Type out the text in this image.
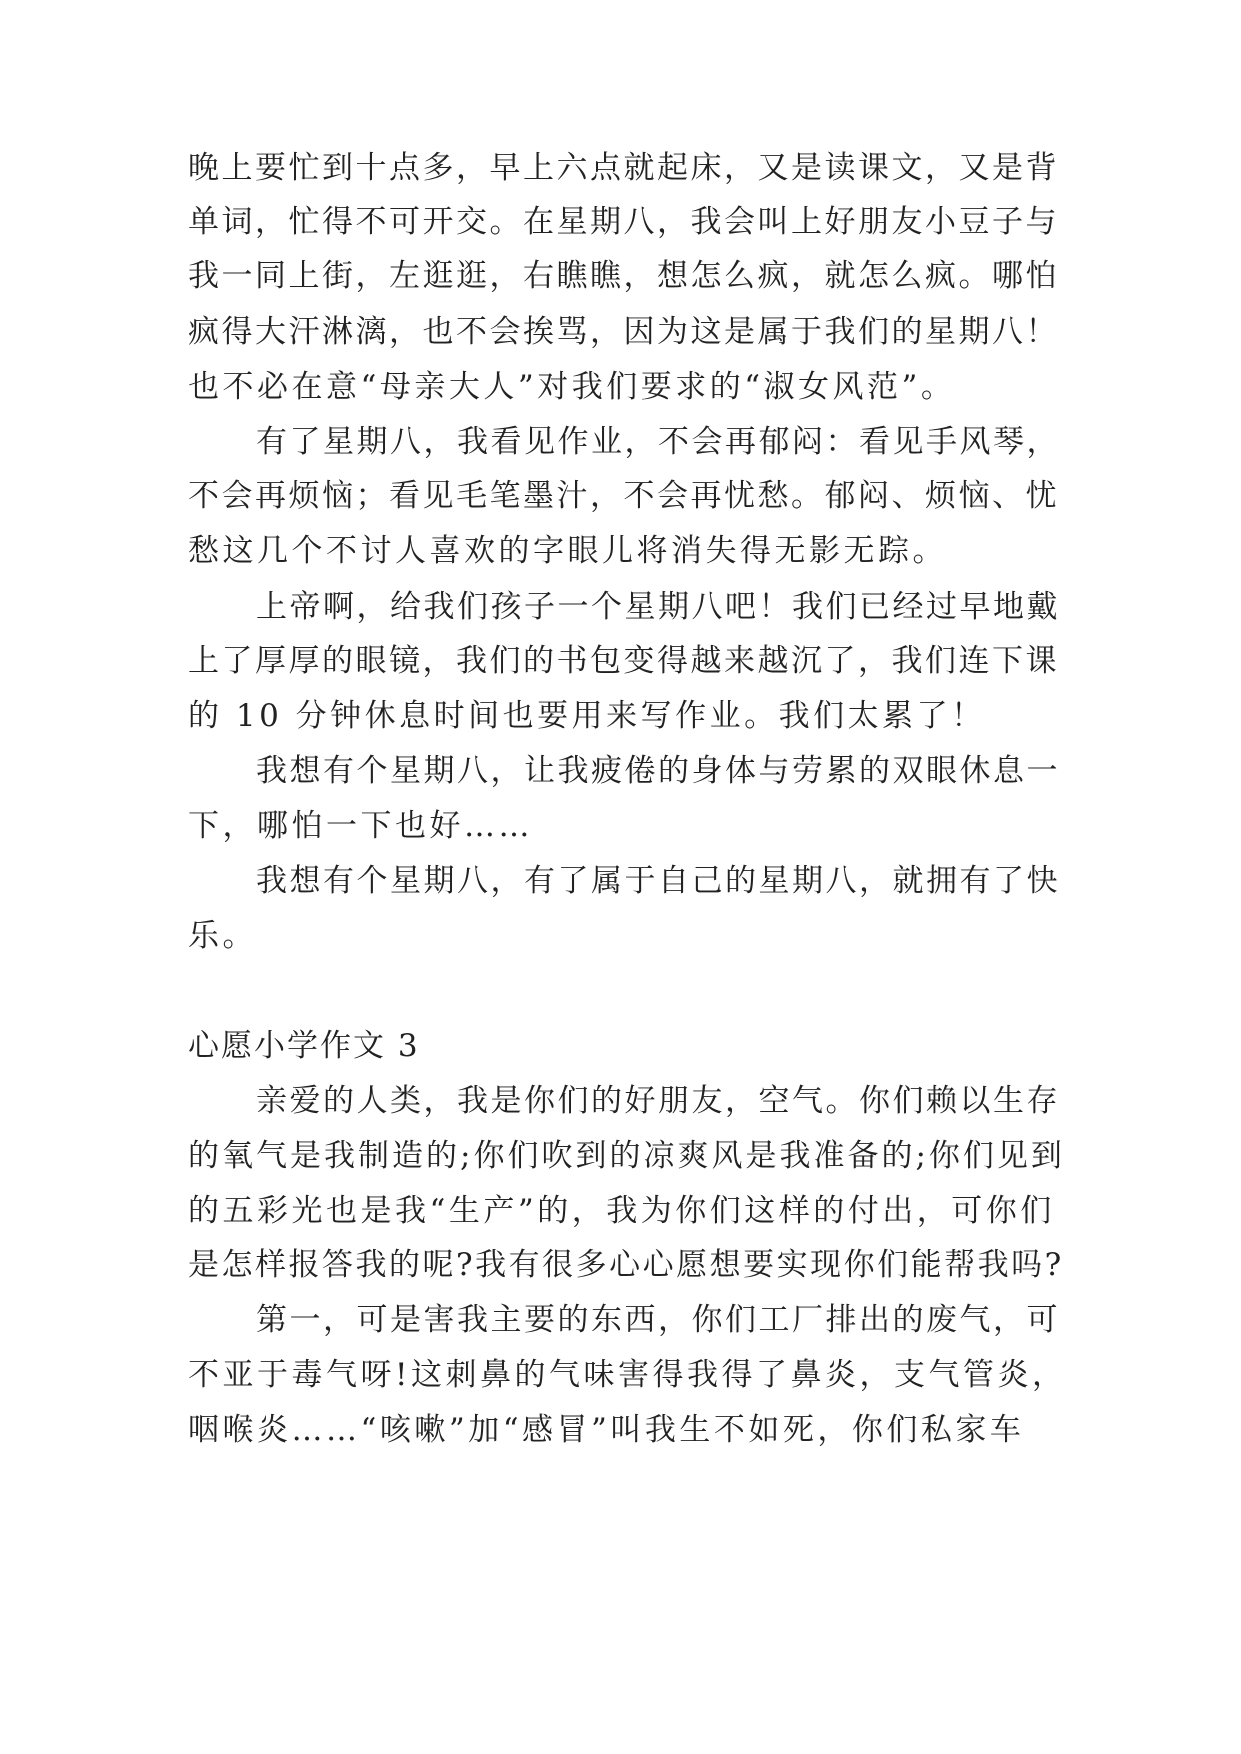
晚上要忙到十点多，早上六点就起床，又是读课文，又是背
单词，忙得不可开交。在星期八，我会叫上好朋友小豆子与
我一同上街，左逛逛，右瞧瞧，想怎么疯，就怎么疯。哪怕
疯得大汗淋漓，也不会挨骂，因为这是属于我们的星期八！
也不必在意“母亲大人”对我们要求的“淑女风范”。
有了星期八，我看见作业，不会再郁闷：看见手风琴，
不会再烦恼；看见毛笔墨汁，不会再忧愁。郁闷、烦恼、忧
愁这几个不讨人喜欢的字眼儿将消失得无影无踪。
上帝啊，给我们孩子一个星期八吧！我们已经过早地戴
上了厚厚的眼镜，我们的书包变得越来越沉了，我们连下课
的 10 分钟休息时间也要用来写作业。我们太累了！
我想有个星期八，让我疲倦的身体与劳累的双眼休息一
下，哪怕一下也好……
我想有个星期八，有了属于自己的星期八，就拥有了快
乐。
心愿小学作文 3
亲爱的人类，我是你们的好朋友，空气。你们赖以生存
的氧气是我制造的;你们吹到的凉爽风是我准备的;你们见到
的五彩光也是我“生产”的，我为你们这样的付出，可你们
是怎样报答我的呢?我有很多心心愿想要实现你们能帮我吗?
第一，可是害我主要的东西，你们工厂排出的废气，可
不亚于毒气呀!这刺鼻的气味害得我得了鼻炎，支气管炎，
咽喉炎……“咳嗽”加“感冒”叫我生不如死，你们私家车
